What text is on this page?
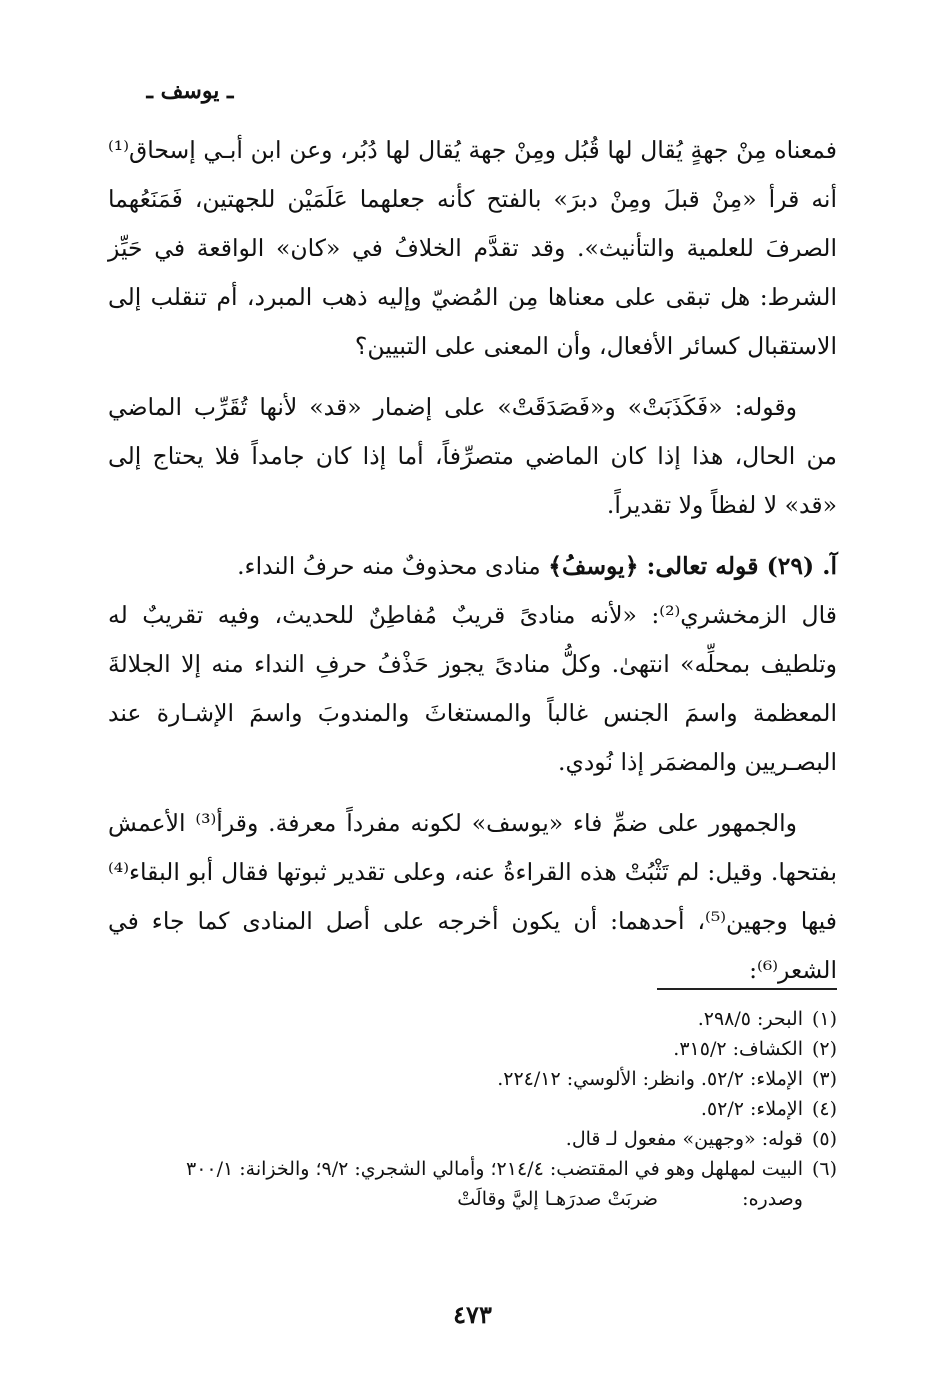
ـ يوسف ـ

فمعناه مِنْ جهةٍ يُقال لها قُبُل ومِنْ جهة يُقال لها دُبُر، وعن ابن أبـي إسحاق⁽¹⁾ أنه قرأ «مِنْ قبلَ ومِنْ دبرَ» بالفتح كأنه جعلهما عَلَمَيْن للجهتين، فَمَنَعُهما الصرفَ للعلمية والتأنيث». وقد تقدَّم الخلافُ في «كان» الواقعة في حَيِّز الشرط: هل تبقى على معناها مِن المُضيّ وإليه ذهب المبرد، أم تنقلب إلى الاستقبال كسائر الأفعال، وأن المعنى على التبيين؟

وقوله: «فَكَذَبَتْ» و«فَصَدَقَتْ» على إضمار «قد» لأنها تُقَرِّب الماضي من الحال، هذا إذا كان الماضي متصرِّفاً، أما إذا كان جامداً فلا يحتاج إلى «قد» لا لفظاً ولا تقديراً.

آ. (٢٩) قوله تعالى: ﴿يوسفُ﴾ منادى محذوفٌ منه حرفُ النداء.

قال الزمخشري⁽²⁾: «لأنه منادىً قريبٌ مُفاطِنٌ للحديث، وفيه تقريبٌ له وتلطيف بمحلِّه» انتهىٰ. وكلُّ منادىً يجوز حَذْفُ حرفِ النداء منه إلا الجلالةَ المعظمة واسمَ الجنس غالباً والمستغاثَ والمندوبَ واسمَ الإشـارة عند البصـريين والمضمَر إذا نُودي.

والجمهور على ضمِّ فاء «يوسف» لكونه مفرداً معرفة. وقرأ⁽³⁾ الأعمش بفتحها. وقيل: لم تَثْبُتْ هذه القراءةُ عنه، وعلى تقدير ثبوتها فقال أبو البقاء⁽⁴⁾ فيها وجهين⁽⁵⁾، أحدهما: أن يكون أخرجه على أصل المنادى كما جاء في الشعر⁽⁶⁾:

(١)
البحر: ٢٩٨/٥.
(٢)
الكشاف: ٣١٥/٢.
(٣)
الإملاء: ٥٢/٢. وانظر: الألوسي: ٢٢٤/١٢.
(٤)
الإملاء: ٥٢/٢.
(٥)
قوله: «وجهين» مفعول لـ قال.
(٦)
البيت لمهلهل وهو في المقتضب: ٢١٤/٤؛ وأمالي الشجري: ٩/٢؛ والخزانة: ٣٠٠/١
وصدره:
ضربَتْ صدرَهـا إليَّ وقالَتْ
٤٧٣
